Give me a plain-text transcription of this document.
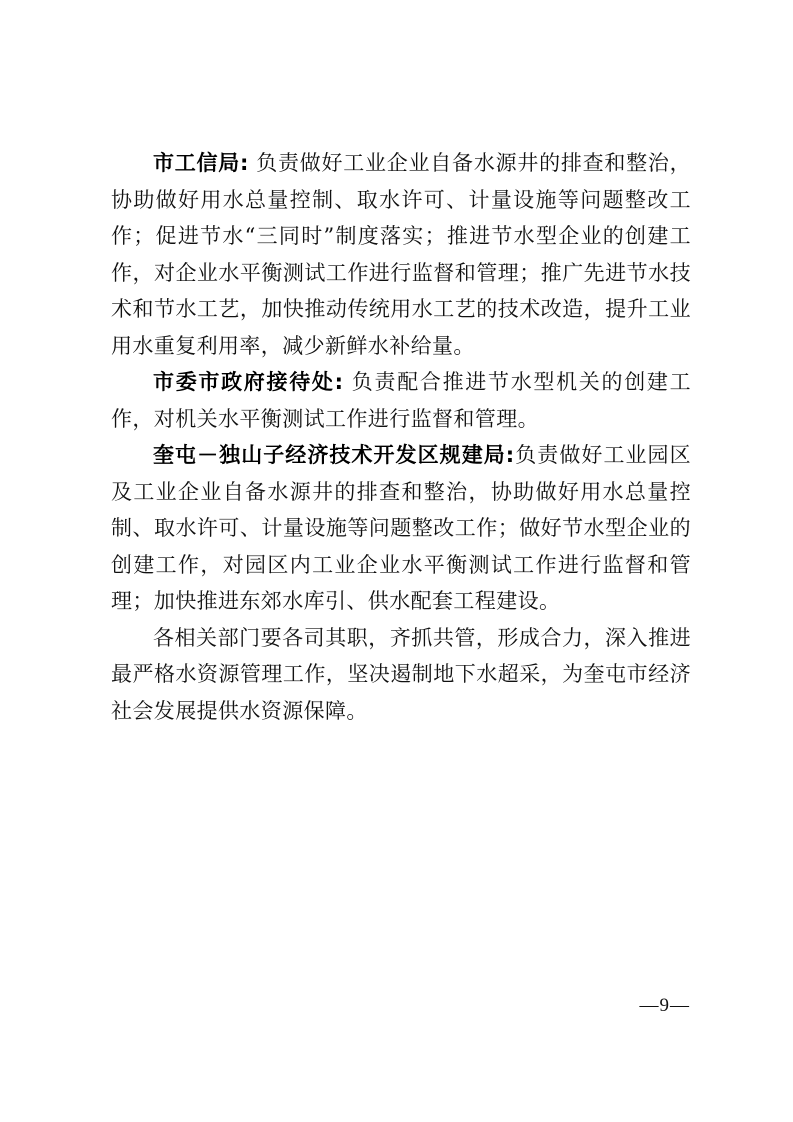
市工信局: 负责做好工业企业自备水源井的排查和整治，协助做好用水总量控制、取水许可、计量设施等问题整改工作；促进节水“三同时”制度落实；推进节水型企业的创建工作，对企业水平衡测试工作进行监督和管理；推广先进节水技术和节水工艺，加快推动传统用水工艺的技术改造，提升工业用水重复利用率，减少新鲜水补给量。

市委市政府接待处: 负责配合推进节水型机关的创建工作，对机关水平衡测试工作进行监督和管理。

奎屯－独山子经济技术开发区规建局:负责做好工业园区及工业企业自备水源井的排查和整治，协助做好用水总量控制、取水许可、计量设施等问题整改工作；做好节水型企业的创建工作，对园区内工业企业水平衡测试工作进行监督和管理；加快推进东郊水库引、供水配套工程建设。

各相关部门要各司其职，齐抓共管，形成合力，深入推进最严格水资源管理工作，坚决遏制地下水超采，为奎屯市经济社会发展提供水资源保障。

—9—
